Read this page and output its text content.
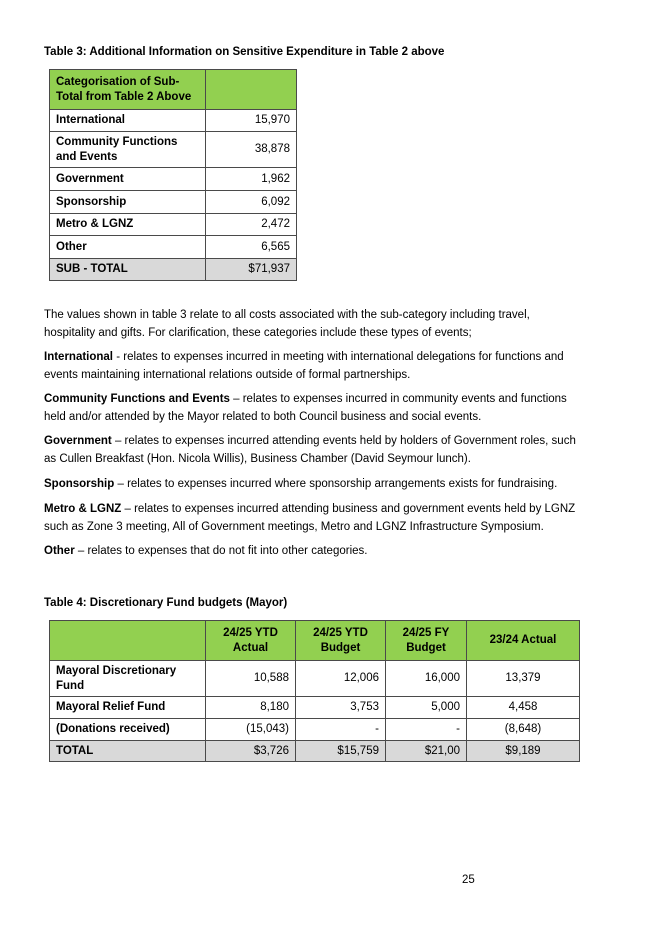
Table 3: Additional Information on Sensitive Expenditure in Table 2 above
Categorisation of Sub-Total from Table 2 Above	
International	15,970
Community Functions and Events	38,878
Government	1,962
Sponsorship	6,092
Metro & LGNZ	2,472
Other	6,565
SUB - TOTAL	$71,937

The values shown in table 3 relate to all costs associated with the sub-category including travel, hospitality and gifts. For clarification, these categories include these types of events;

International - relates to expenses incurred in meeting with international delegations for functions and events maintaining international relations outside of formal partnerships.

Community Functions and Events – relates to expenses incurred in community events and functions held and/or attended by the Mayor related to both Council business and social events.

Government – relates to expenses incurred attending events held by holders of Government roles, such as Cullen Breakfast (Hon. Nicola Willis), Business Chamber (David Seymour lunch).

Sponsorship – relates to expenses incurred where sponsorship arrangements exists for fundraising.

Metro & LGNZ – relates to expenses incurred attending business and government events held by LGNZ such as Zone 3 meeting, All of Government meetings, Metro and LGNZ Infrastructure Symposium.

Other – relates to expenses that do not fit into other categories.

Table 4: Discretionary Fund budgets (Mayor)
	24/25 YTD Actual	24/25 YTD Budget	24/25 FY Budget	23/24 Actual
Mayoral Discretionary Fund	10,588	12,006	16,000	13,379
Mayoral Relief Fund	8,180	3,753	5,000	4,458
(Donations received)	(15,043)	-	-	(8,648)
TOTAL	$3,726	$15,759	$21,00	$9,189
25
